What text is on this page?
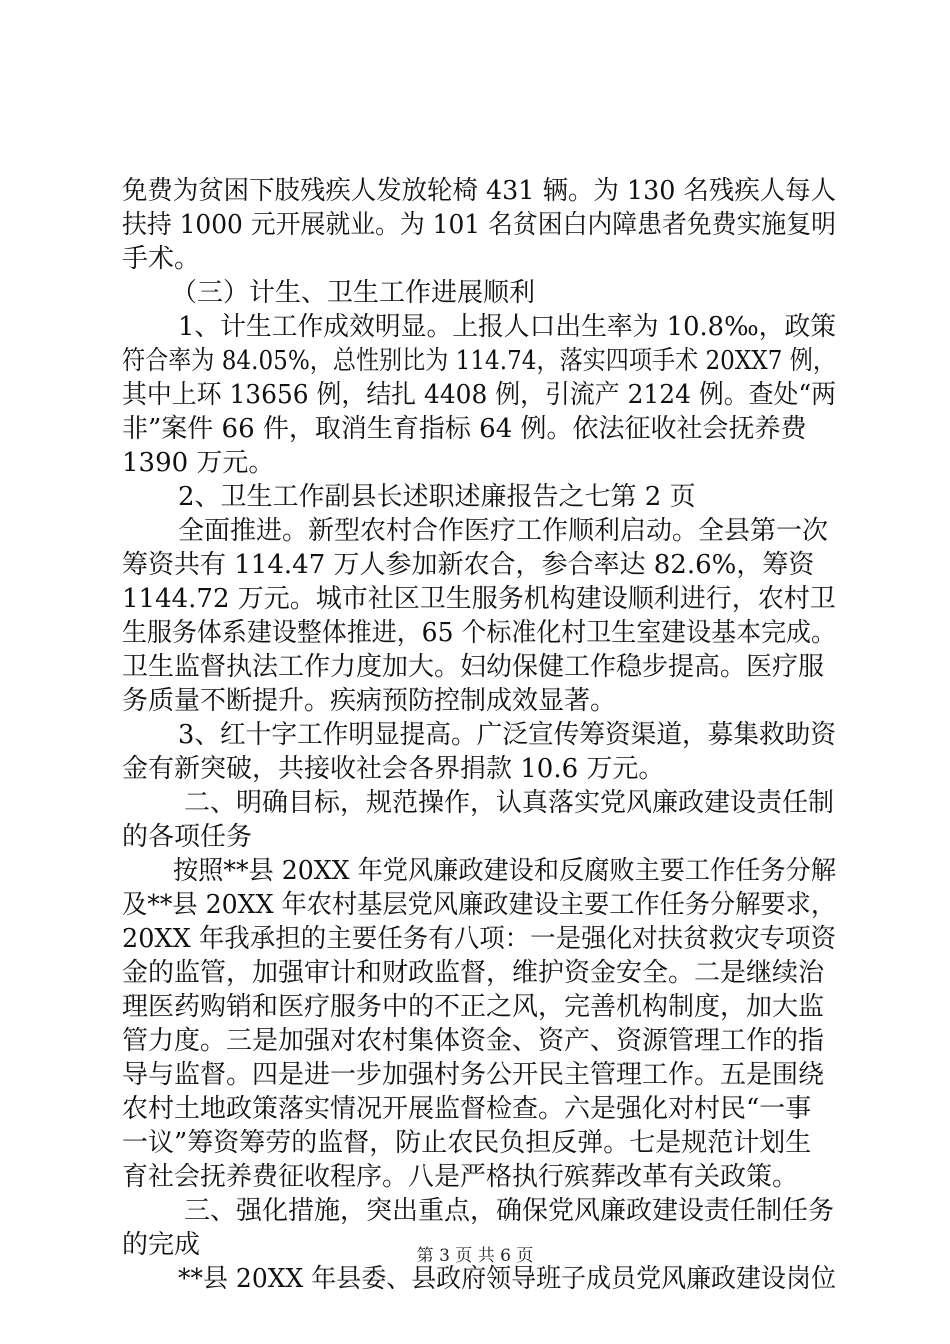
免费为贫困下肢残疾人发放轮椅 431 辆。为 130 名残疾人每人
扶持 1000 元开展就业。为 101 名贫困白内障患者免费实施复明
手术。
（三）计生、卫生工作进展顺利
1、计生工作成效明显。上报人口出生率为 10.8‰，政策
符合率为 84.05%，总性别比为 114.74，落实四项手术 20XX7 例，
其中上环 13656 例，结扎 4408 例，引流产 2124 例。查处“两
非”案件 66 件，取消生育指标 64 例。依法征收社会抚养费
1390 万元。
2、卫生工作副县长述职述廉报告之七第 2 页
全面推进。新型农村合作医疗工作顺利启动。全县第一次
筹资共有 114.47 万人参加新农合，参合率达 82.6%，筹资
1144.72 万元。城市社区卫生服务机构建设顺利进行，农村卫
生服务体系建设整体推进，65 个标准化村卫生室建设基本完成。
卫生监督执法工作力度加大。妇幼保健工作稳步提高。医疗服
务质量不断提升。疾病预防控制成效显著。
3、红十字工作明显提高。广泛宣传筹资渠道，募集救助资
金有新突破，共接收社会各界捐款 10.6 万元。
二、明确目标，规范操作，认真落实党风廉政建设责任制
的各项任务
按照**县 20XX 年党风廉政建设和反腐败主要工作任务分解
及**县 20XX 年农村基层党风廉政建设主要工作任务分解要求，
20XX 年我承担的主要任务有八项：一是强化对扶贫救灾专项资
金的监管，加强审计和财政监督，维护资金安全。二是继续治
理医药购销和医疗服务中的不正之风，完善机构制度，加大监
管力度。三是加强对农村集体资金、资产、资源管理工作的指
导与监督。四是进一步加强村务公开民主管理工作。五是围绕
农村土地政策落实情况开展监督检查。六是强化对村民“一事
一议”筹资筹劳的监督，防止农民负担反弹。七是规范计划生
育社会抚养费征收程序。八是严格执行殡葬改革有关政策。
三、强化措施，突出重点，确保党风廉政建设责任制任务
的完成
**县 20XX 年县委、县政府领导班子成员党风廉政建设岗位
第 3 页 共 6 页
